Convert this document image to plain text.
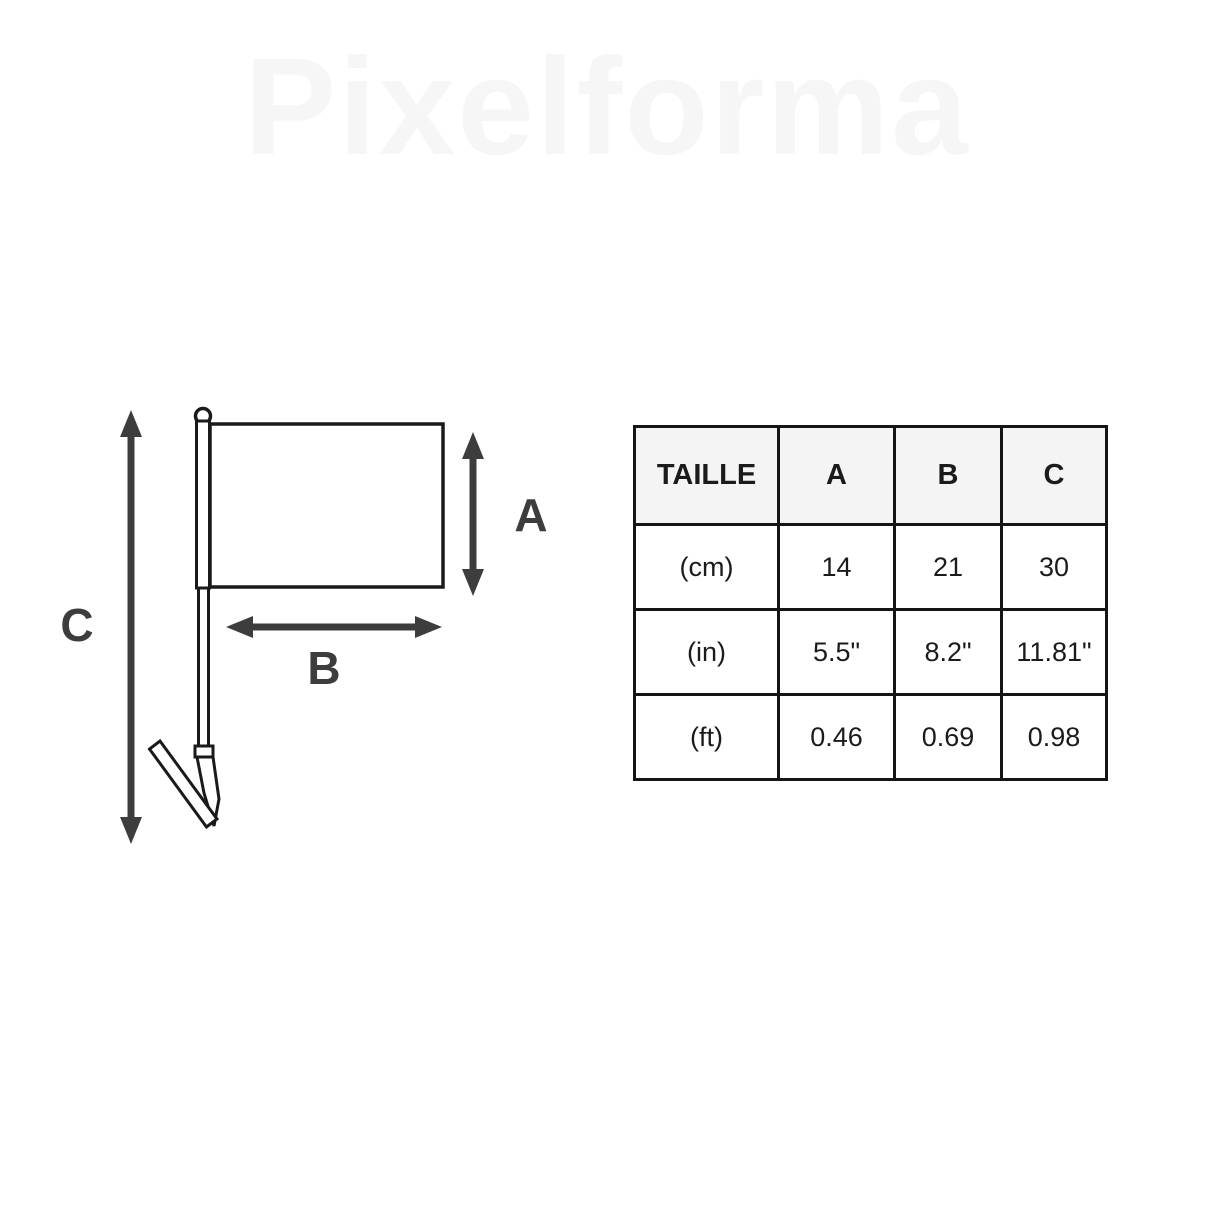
Pixelforma
A
B
C
TAILLE	A	B	C
(cm)	14	21	30
(in)	5.5"	8.2"	11.81"
(ft)	0.46	0.69	0.98
